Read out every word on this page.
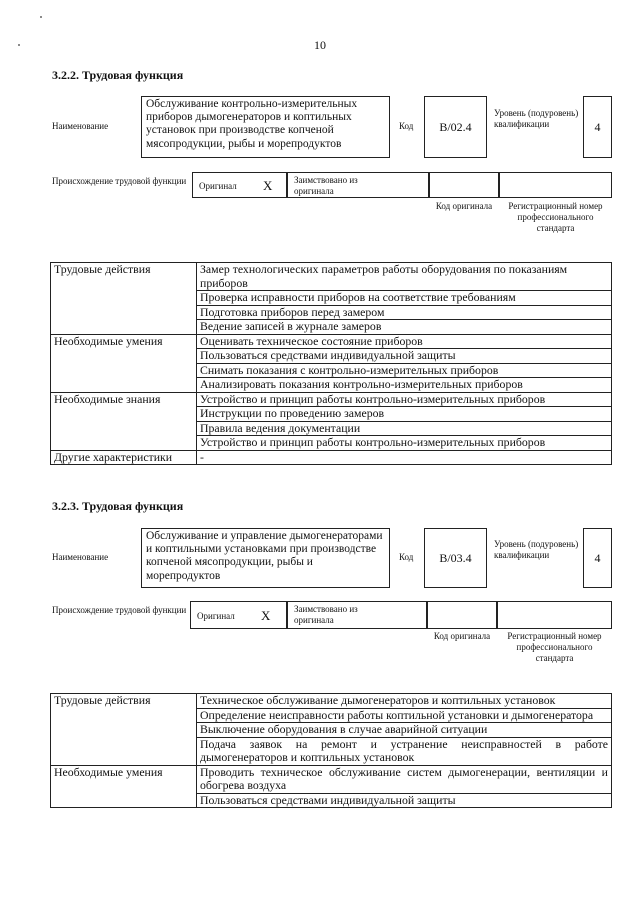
10
3.2.2. Трудовая функция
Наименование
Обслуживание контрольно-измерительных приборов дымогенераторов и коптильных установок при производстве копченой мясопродукции, рыбы и морепродуктов
Код	В/02.4
Уровень (подуровень) квалификации	4
Происхождение трудовой функции	Оригинал X Заимствовано из оригинала
Код оригинала	Регистрационный номер профессионального стандарта
Трудовые действия	Замер технологических параметров работы оборудования по показаниям приборов
	Проверка исправности приборов на соответствие требованиям
	Подготовка приборов перед замером
	Ведение записей в журнале замеров
Необходимые умения	Оценивать техническое состояние приборов
	Пользоваться средствами индивидуальной защиты
	Снимать показания с контрольно-измерительных приборов
	Анализировать показания контрольно-измерительных приборов
Необходимые знания	Устройство и принцип работы контрольно-измерительных приборов
	Инструкции по проведению замеров
	Правила ведения документации
	Устройство и принцип работы контрольно-измерительных приборов
Другие характеристики	-
3.2.3. Трудовая функция
Наименование
Обслуживание и управление дымогенераторами и коптильными установками при производстве копченой мясопродукции, рыбы и морепродуктов
Код	В/03.4
Уровень (подуровень) квалификации	4
Происхождение трудовой функции
Оригинал X	Заимствовано из оригинала
Код оригинала	Регистрационный номер профессионального стандарта
Трудовые действия	Техническое обслуживание дымогенераторов и коптильных установок
	Определение неисправности работы коптильной установки и дымогенератора
	Выключение оборудования в случае аварийной ситуации
	Подача заявок на ремонт и устранение неисправностей в работе дымогенераторов и коптильных установок
Необходимые умения	Проводить техническое обслуживание систем дымогенерации, вентиляции и обогрева воздуха
	Пользоваться средствами индивидуальной защиты
